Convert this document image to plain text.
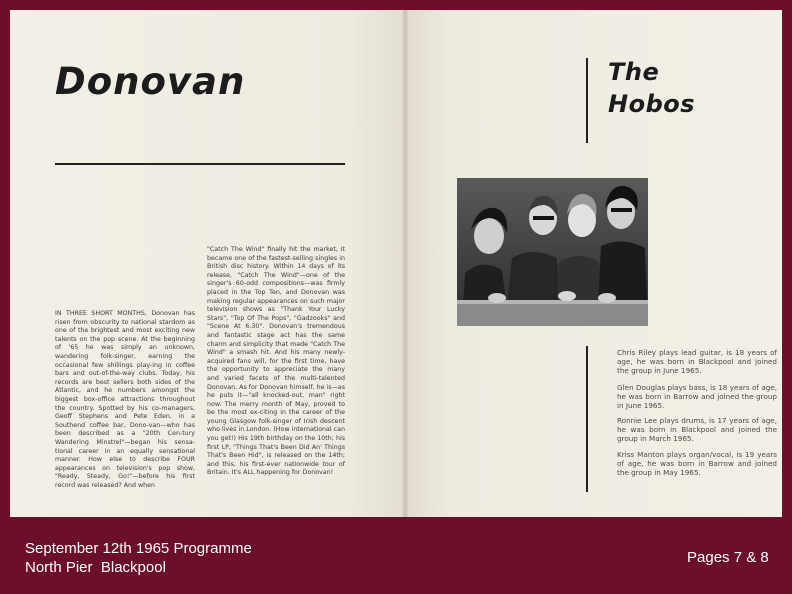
Donovan
IN THREE SHORT MONTHS, Donovan has risen from obscurity to national stardom as one of the brightest and most exciting new talents on the pop scene. At the beginning of '65 he was simply an unknown, wandering folk-singer, earning the occasional few shillings play-ing in coffee bars and out-of-the-way clubs. Today, his records are best sellers both sides of the Atlantic, and he numbers amongst the biggest box-office attractions throughout the country. Spotted by his co-managers, Geoff Stephens and Pete Eden, in a Southend coffee bar, Dono-van—who has been described as a "20th Cen-tury Wandering Minstrel"—began his sensa-tional career in an equally sensational manner. How else to describe FOUR appearances on television's pop show, "Ready, Steady, Go!"—before his first record was released? And when
"Catch The Wind" finally hit the market, it became one of the fastest-selling singles in British disc history. Within 14 days of its release, "Catch The Wind"—one of the singer's 60-odd compositions—was firmly placed in the Top Ten, and Donovan was making regular appearances on such major television shows as "Thank Your Lucky Stars", "Top Of The Pops", "Gadzooks" and "Scene At 6.30". Donovan's tremendous and fantastic stage act has the same charm and simplicity that made "Catch The Wind" a smash hit. And his many newly-acquired fans will, for the first time, have the opportunity to appreciate the many and varied facets of the multi-talented Donovan. As for Donovan himself, he is—as he puts it—"all knocked-out, man" right now. The merry month of May, proved to be the most ex-citing in the career of the young Glasgow folk-singer of Irish descent who lives in London. (How international can you get!) His 19th birthday on the 10th; his first LP, "Things That's Been Did An' Things That's Been Hid", is released on the 14th; and this, his first-ever nationwide tour of Britain. It's ALL happening for Donovan!
The
Hobos
Chris Riley plays lead guitar, is 18 years of age, he was born in Blackpool and joined the group in June 1965.
Glen Douglas plays bass, is 18 years of age, he was born in Barrow and joined the group in June 1965.
Ronnie Lee plays drums, is 17 years of age, he was born in Blackpool and joined the group in March 1965.
Kriss Manton plays organ/vocal, is 19 years of age, he was born in Barrow and joined the group in May 1965.
September 12th 1965 Programme
North Pier  Blackpool
Pages 7 & 8
